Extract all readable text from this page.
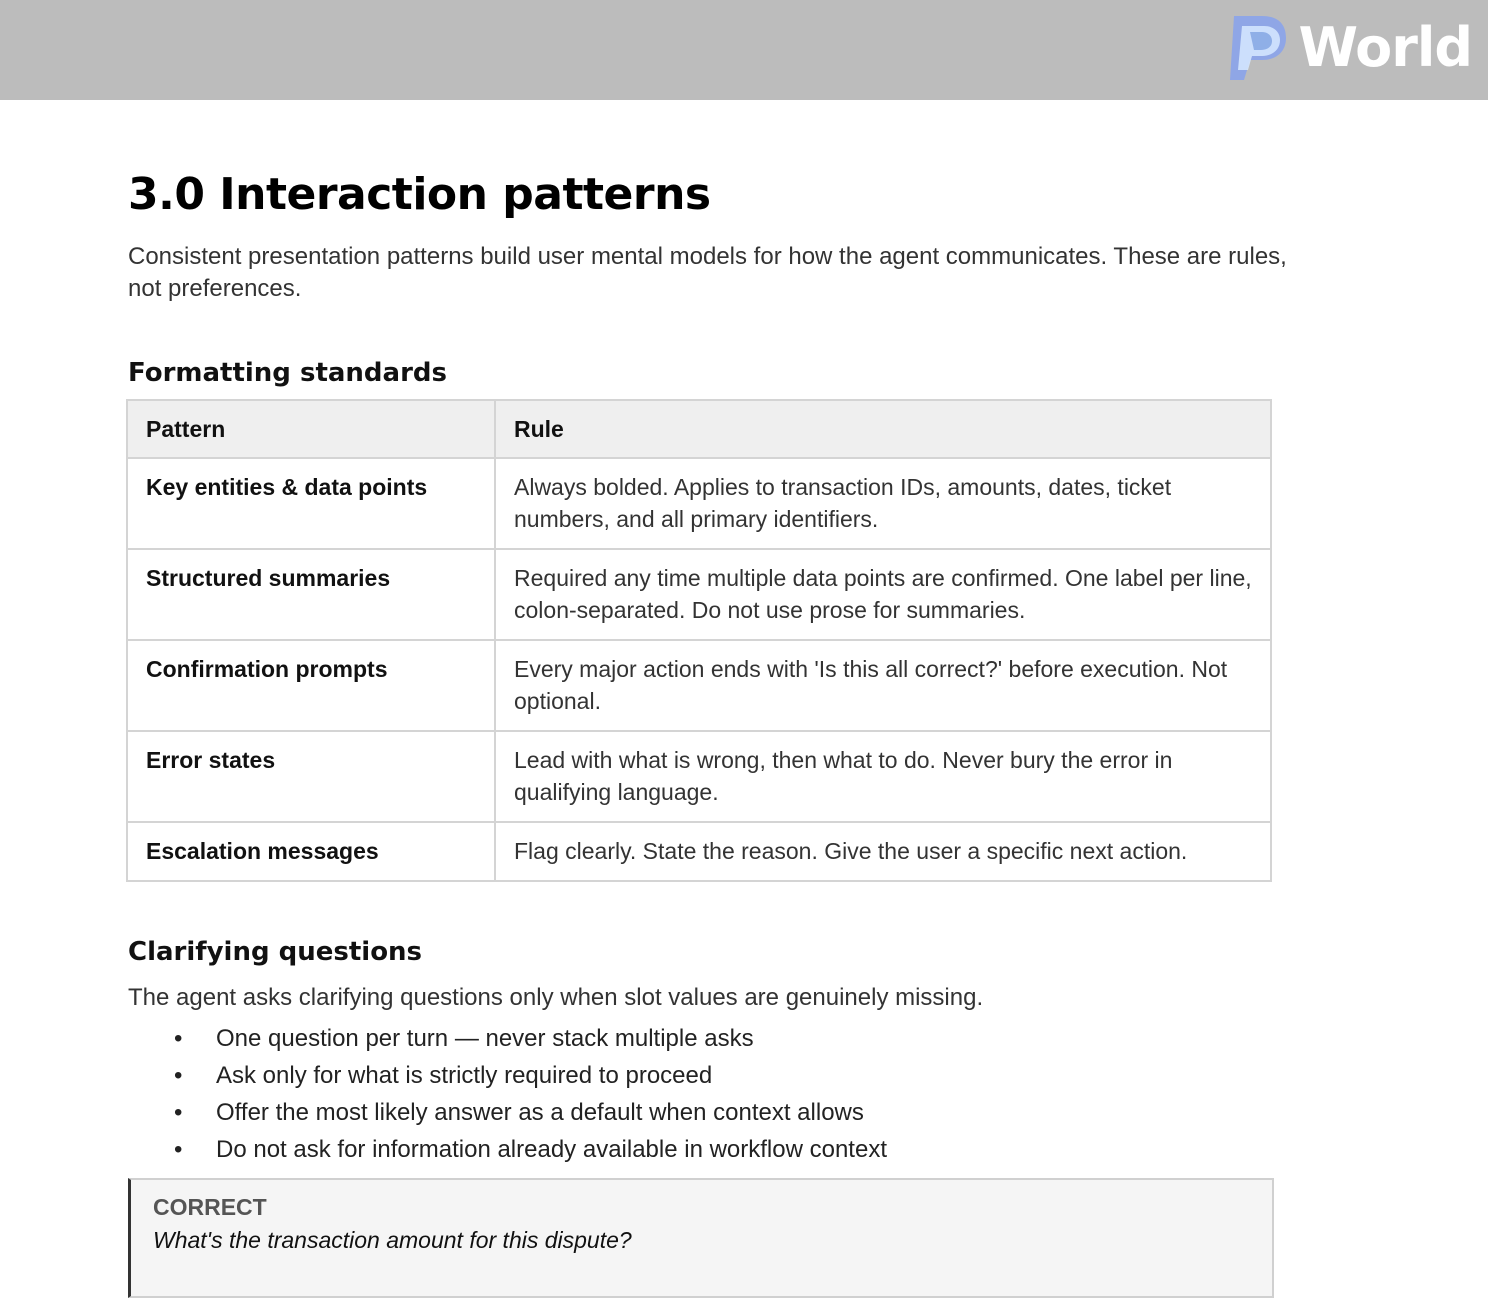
World
3.0 Interaction patterns

Consistent presentation patterns build user mental models for how the agent communicates. These are rules, not preferences.

Formatting standards
Pattern	Rule
Key entities & data points	Always bolded. Applies to transaction IDs, amounts, dates, ticket numbers, and all primary identifiers.
Structured summaries	Required any time multiple data points are confirmed. One label per line, colon-separated. Do not use prose for summaries.
Confirmation prompts	Every major action ends with 'Is this all correct?' before execution. Not optional.
Error states	Lead with what is wrong, then what to do. Never bury the error in qualifying language.
Escalation messages	Flag clearly. State the reason. Give the user a specific next action.
Clarifying questions

The agent asks clarifying questions only when slot values are genuinely missing.

• One question per turn — never stack multiple asks
• Ask only for what is strictly required to proceed
• Offer the most likely answer as a default when context allows
• Do not ask for information already available in workflow context
CORRECT
What's the transaction amount for this dispute?
